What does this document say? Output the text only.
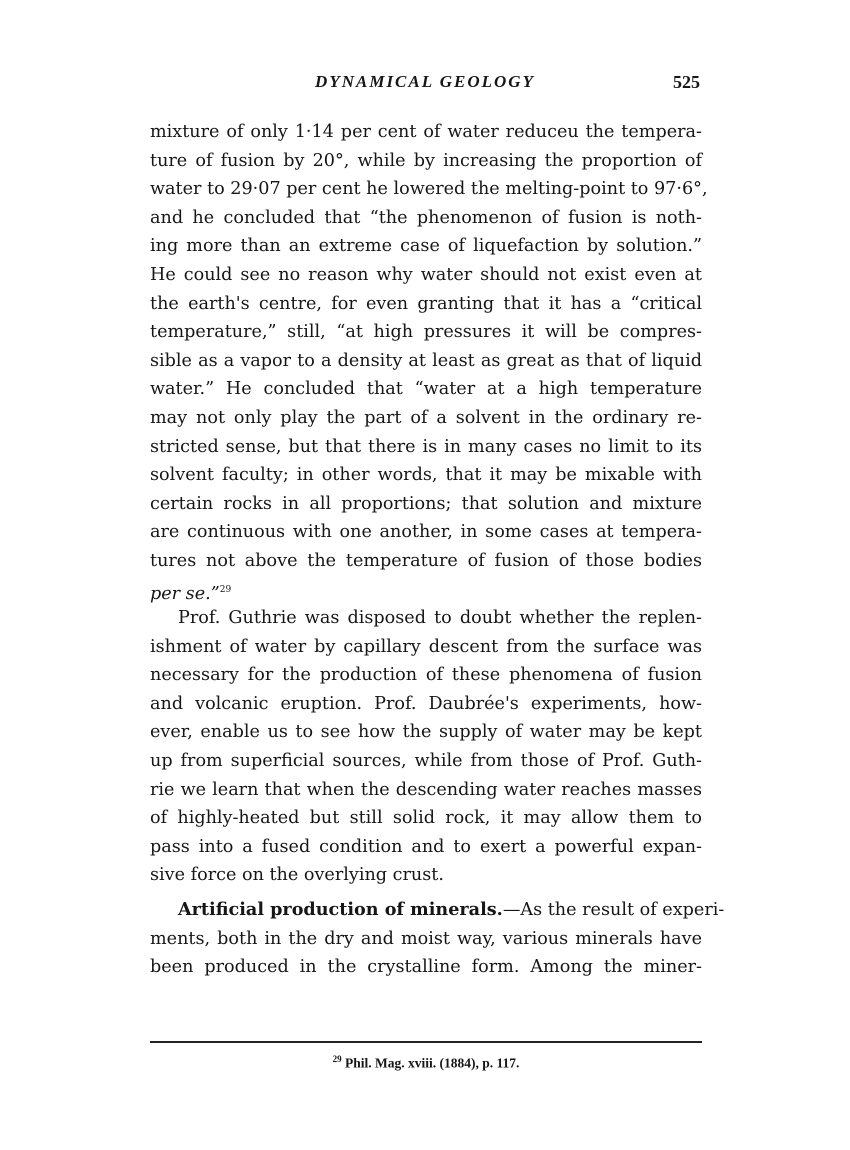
DYNAMICAL GEOLOGY	525
mixture of only 1·14 per cent of water reduceu the tempera-
ture of fusion by 20°, while by increasing the proportion of
water to 29·07 per cent he lowered the melting-point to 97·6°,
and he concluded that “the phenomenon of fusion is noth-
ing more than an extreme case of liquefaction by solution.”
He could see no reason why water should not exist even at
the earth's centre, for even granting that it has a “critical
temperature,” still, “at high pressures it will be compres-
sible as a vapor to a density at least as great as that of liquid
water.” He concluded that “water at a high temperature
may not only play the part of a solvent in the ordinary re-
stricted sense, but that there is in many cases no limit to its
solvent faculty; in other words, that it may be mixable with
certain rocks in all proportions; that solution and mixture
are continuous with one another, in some cases at tempera-
tures not above the temperature of fusion of those bodies
per se.”$^{29}$
Prof. Guthrie was disposed to doubt whether the replen-
ishment of water by capillary descent from the surface was
necessary for the production of these phenomena of fusion
and volcanic eruption. Prof. Daubrée's experiments, how-
ever, enable us to see how the supply of water may be kept
up from superficial sources, while from those of Prof. Guth-
rie we learn that when the descending water reaches masses
of highly-heated but still solid rock, it may allow them to
pass into a fused condition and to exert a powerful expan-
sive force on the overlying crust.
Artificial production of minerals.—As the result of experi-
ments, both in the dry and moist way, various minerals have
been produced in the crystalline form. Among the miner-
$^{29}$ Phil. Mag. xviii. (1884), p. 117.
